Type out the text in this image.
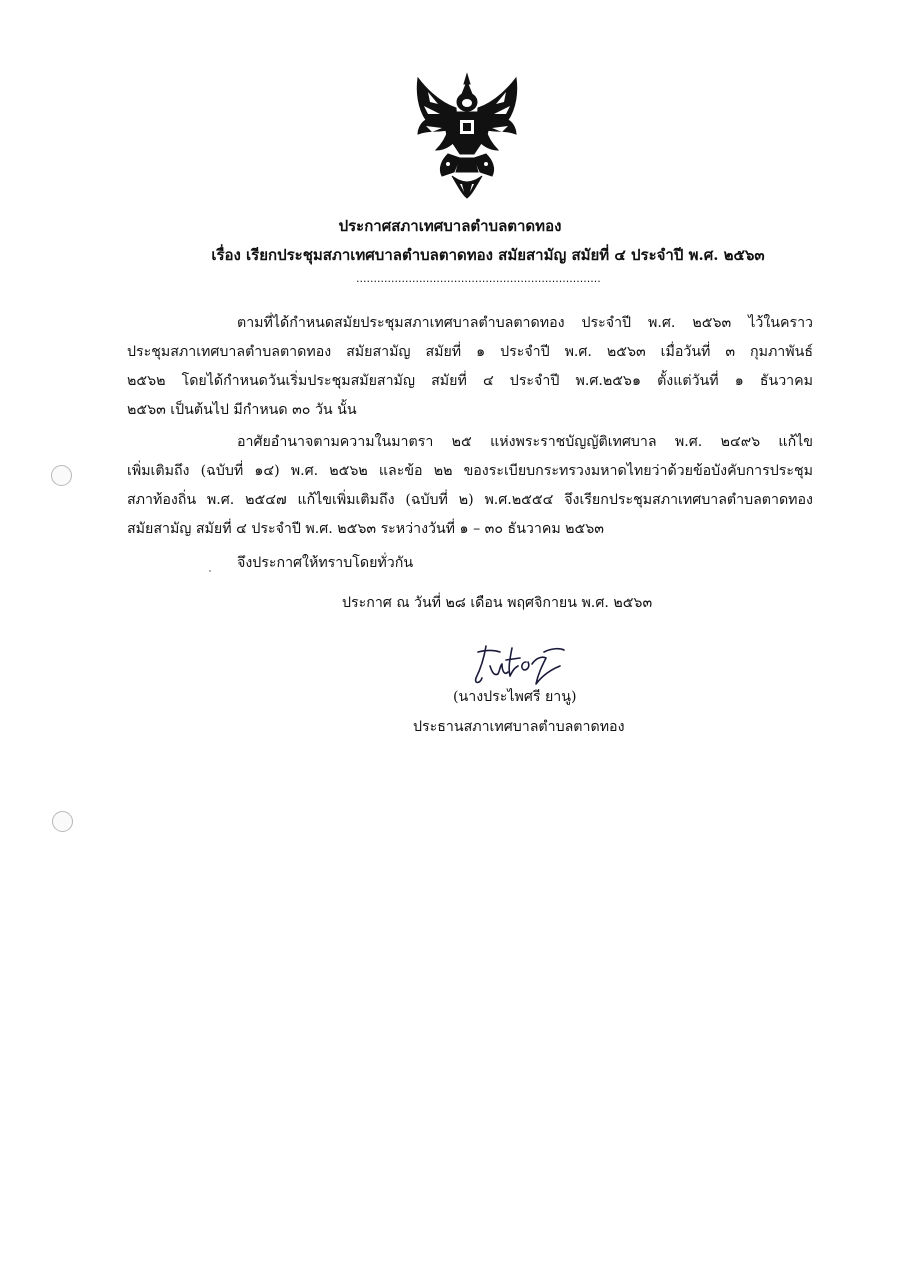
ประกาศสภาเทศบาลตำบลตาดทอง
เรื่อง เรียกประชุมสภาเทศบาลตำบลตาดทอง สมัยสามัญ สมัยที่ ๔ ประจำปี พ.ศ. ๒๕๖๓
......................................................................
ตามที่ได้กำหนดสมัยประชุมสภาเทศบาลตำบลตาดทอง ประจำปี พ.ศ. ๒๕๖๓ ไว้ในคราว
ประชุมสภาเทศบาลตำบลตาดทอง สมัยสามัญ สมัยที่ ๑ ประจำปี พ.ศ. ๒๕๖๓ เมื่อวันที่ ๓ กุมภาพันธ์
๒๕๖๒ โดยได้กำหนดวันเริ่มประชุมสมัยสามัญ สมัยที่ ๔ ประจำปี พ.ศ.๒๕๖๑ ตั้งแต่วันที่ ๑ ธันวาคม
๒๕๖๓ เป็นต้นไป มีกำหนด ๓๐ วัน นั้น
อาศัยอำนาจตามความในมาตรา ๒๕ แห่งพระราชบัญญัติเทศบาล พ.ศ. ๒๔๙๖ แก้ไข
เพิ่มเติมถึง (ฉบับที่ ๑๔) พ.ศ. ๒๕๖๒ และข้อ ๒๒ ของระเบียบกระทรวงมหาดไทยว่าด้วยข้อบังคับการประชุม
สภาท้องถิ่น พ.ศ. ๒๕๔๗ แก้ไขเพิ่มเติมถึง (ฉบับที่ ๒) พ.ศ.๒๕๕๔ จึงเรียกประชุมสภาเทศบาลตำบลตาดทอง
สมัยสามัญ สมัยที่ ๔ ประจำปี พ.ศ. ๒๕๖๓ ระหว่างวันที่ ๑ – ๓๐ ธันวาคม ๒๕๖๓
จึงประกาศให้ทราบโดยทั่วกัน
ประกาศ ณ วันที่ ๒๘ เดือน พฤศจิกายน พ.ศ. ๒๕๖๓
(นางประไพศรี ยานู)
ประธานสภาเทศบาลตำบลตาดทอง
